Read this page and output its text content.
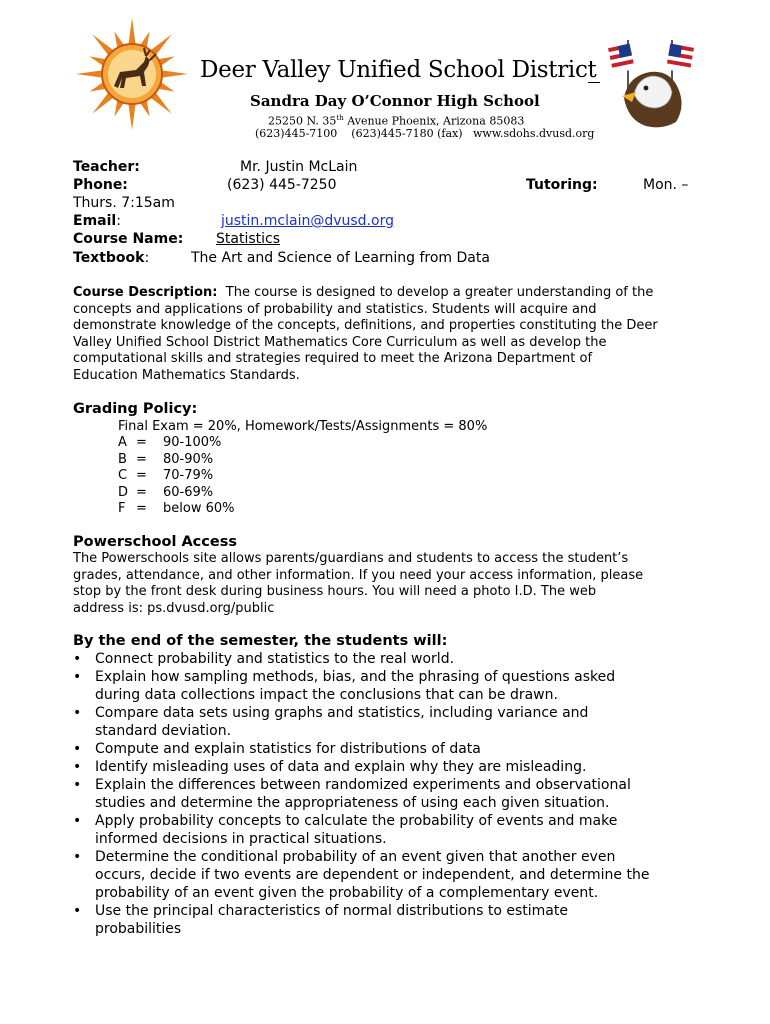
Deer Valley Unified School District
Sandra Day O’Connor High School
25250 N. 35th Avenue Phoenix, Arizona 85083
(623)445-7100 (623)445-7180 (fax) www.sdohs.dvusd.org
Teacher:	Mr. Justin McLain
Phone:	(623) 445-7250	Tutoring:	Mon. –
Thurs. 7:15am
Email:	justin.mclain@dvusd.org
Course Name: Statistics
Textbook:	The Art and Science of Learning from Data
Course Description: The course is designed to develop a greater understanding of the
concepts and applications of probability and statistics. Students will acquire and
demonstrate knowledge of the concepts, definitions, and properties constituting the Deer
Valley Unified School District Mathematics Core Curriculum as well as develop the
computational skills and strategies required to meet the Arizona Department of
Education Mathematics Standards.
Grading Policy:
Final Exam = 20%, Homework/Tests/Assignments = 80%
A =	90-100%
B =	80-90%
C =	70-79%
D =	60-69%
F =	below 60%
Powerschool Access
The Powerschools site allows parents/guardians and students to access the student’s
grades, attendance, and other information. If you need your access information, please
stop by the front desk during business hours. You will need a photo I.D. The web
address is: ps.dvusd.org/public
By the end of the semester, the students will:
• Connect probability and statistics to the real world.
• Explain how sampling methods, bias, and the phrasing of questions asked
during data collections impact the conclusions that can be drawn.
• Compare data sets using graphs and statistics, including variance and
standard deviation.
• Compute and explain statistics for distributions of data
• Identify misleading uses of data and explain why they are misleading.
• Explain the differences between randomized experiments and observational
studies and determine the appropriateness of using each given situation.
• Apply probability concepts to calculate the probability of events and make
informed decisions in practical situations.
• Determine the conditional probability of an event given that another even
occurs, decide if two events are dependent or independent, and determine the
probability of an event given the probability of a complementary event.
• Use the principal characteristics of normal distributions to estimate
probabilities
